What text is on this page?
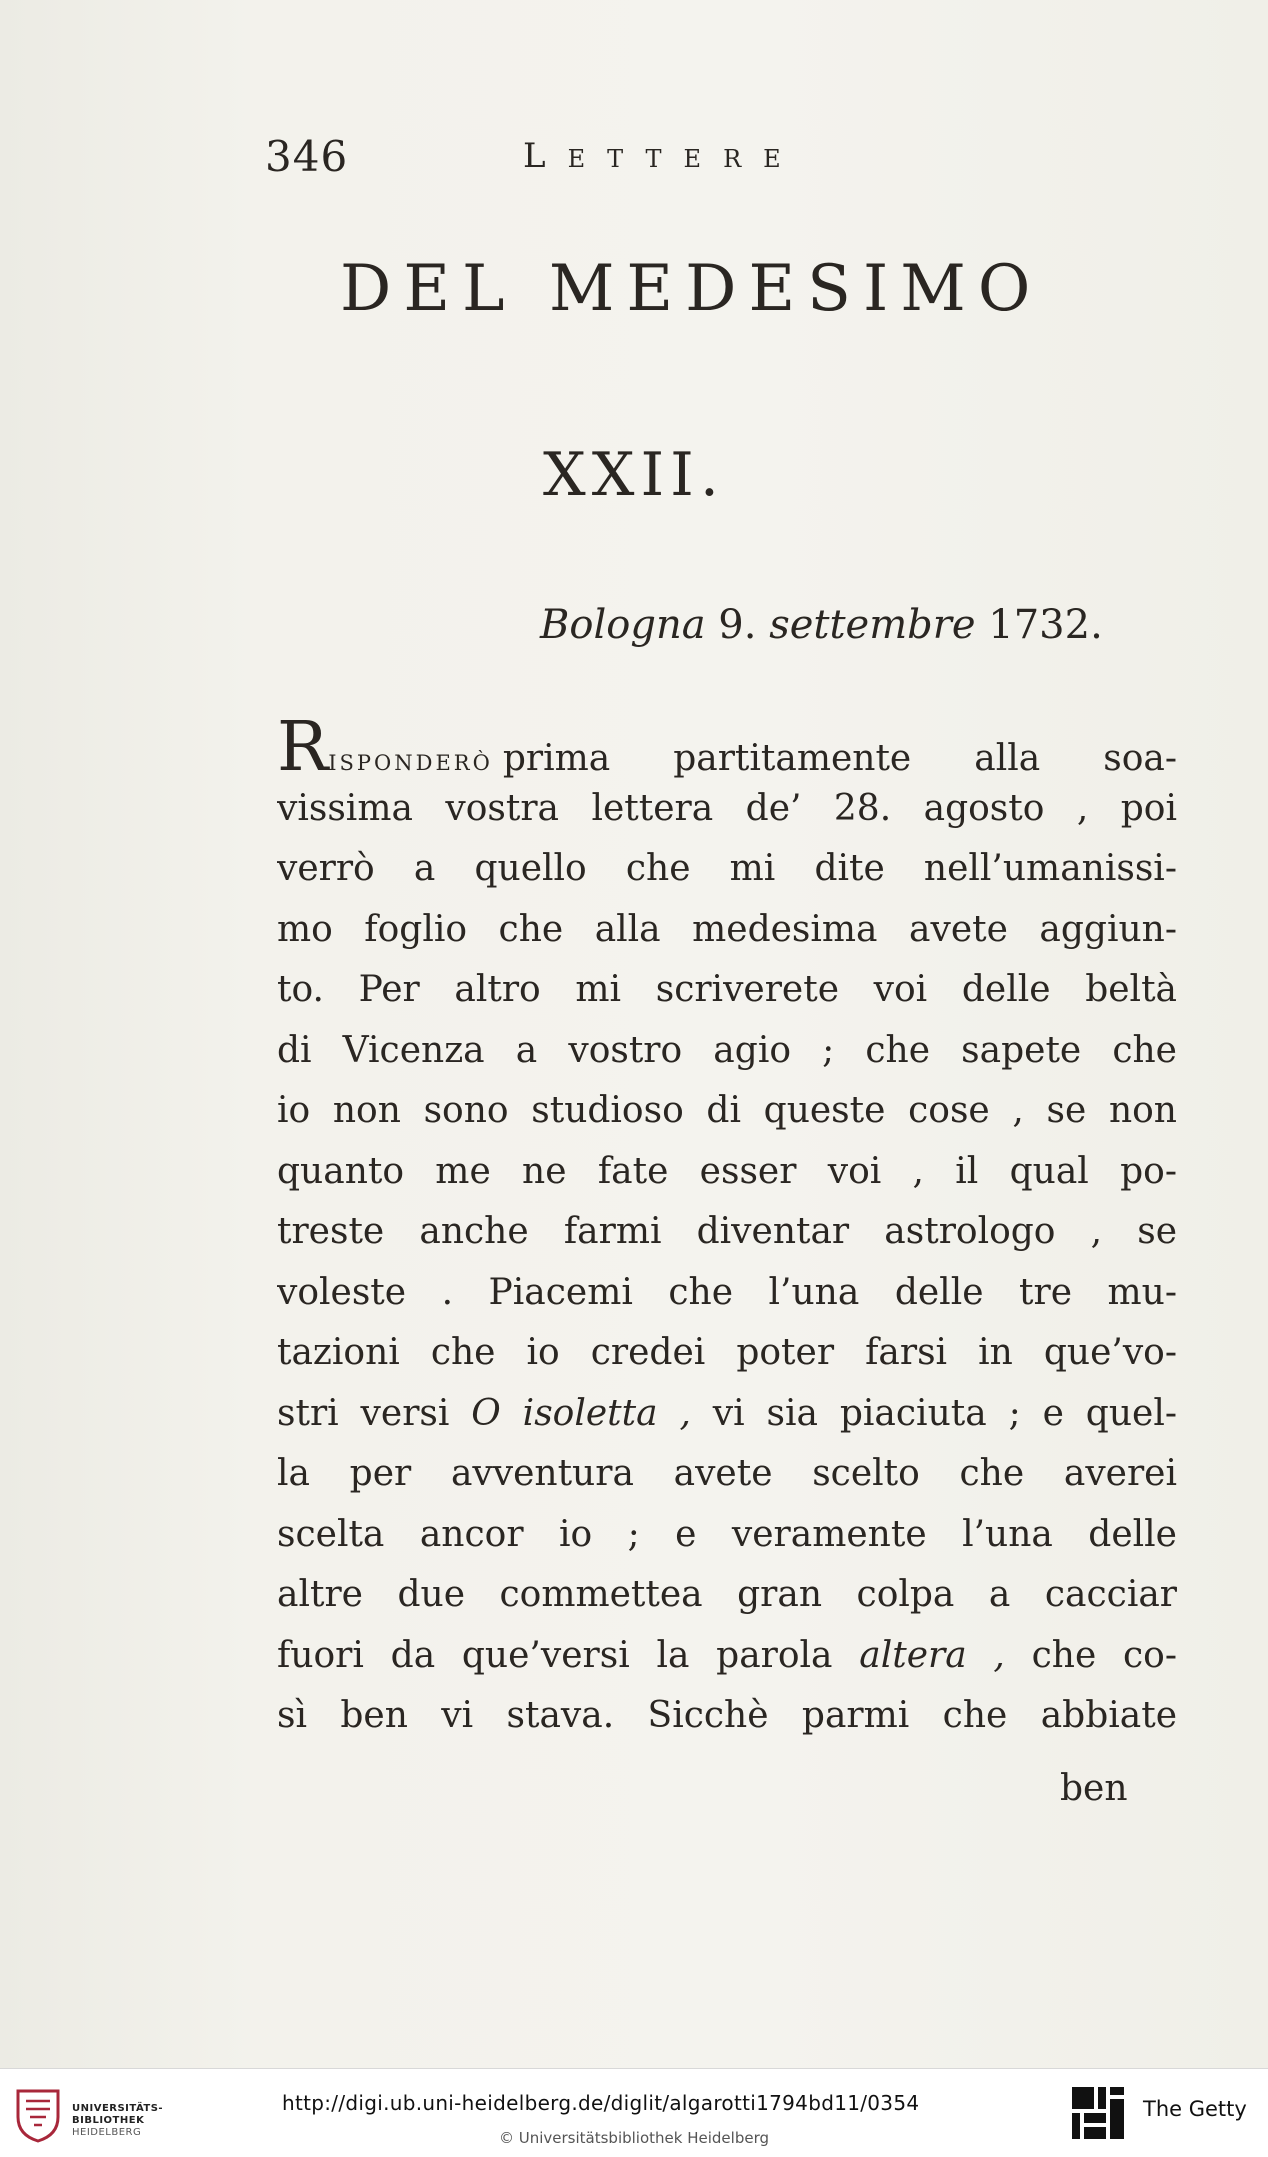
346	Lettere
DEL MEDESIMO
XXII.
Bologna 9. settembre 1732.
Risponderò prima partitamente alla soa-
vissima vostra lettera de’ 28. agosto , poi
verrò a quello che mi dite nell’umanissi-
mo foglio che alla medesima avete aggiun-
to. Per altro mi scriverete voi delle beltà
di Vicenza a vostro agio ; che sapete che
io non sono studioso di queste cose , se non
quanto me ne fate esser voi , il qual po-
treste anche farmi diventar astrologo , se
voleste . Piacemi che l’una delle tre mu-
tazioni che io credei poter farsi in que’vo-
stri versi O isoletta , vi sia piaciuta ; e quel-
la per avventura avete scelto che averei
scelta ancor io ; e veramente l’una delle
altre due commettea gran colpa a cacciar
fuori da que’versi la parola altera , che co-
sì ben vi stava. Sicchè parmi che abbiate
ben
UNIVERSITÄTS-
BIBLIOTHEK
HEIDELBERG
http://digi.ub.uni-heidelberg.de/diglit/algarotti1794bd11/0354
© Universitätsbibliothek Heidelberg
The Getty
